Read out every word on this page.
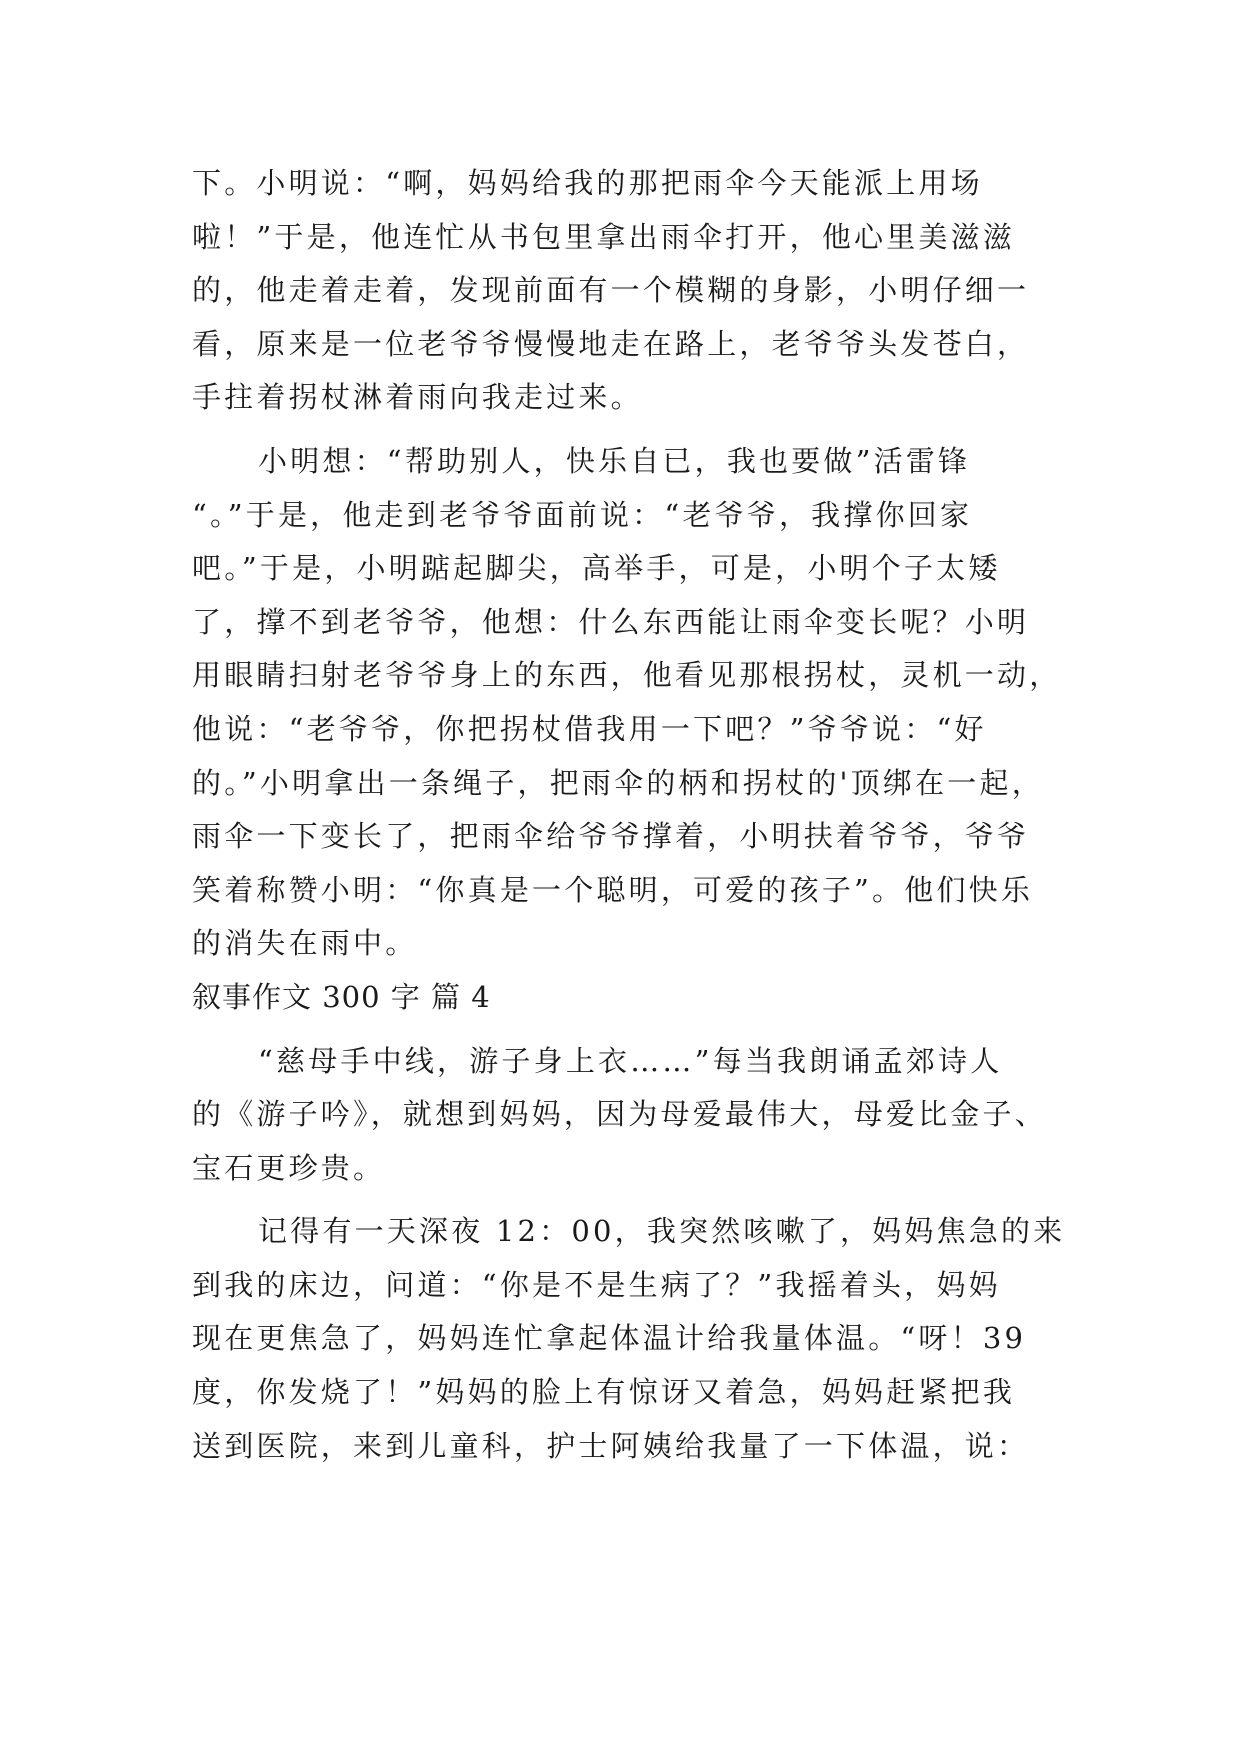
下。小明说：“啊，妈妈给我的那把雨伞今天能派上用场
啦！”于是，他连忙从书包里拿出雨伞打开，他心里美滋滋
的，他走着走着，发现前面有一个模糊的身影，小明仔细一
看，原来是一位老爷爷慢慢地走在路上，老爷爷头发苍白，
手拄着拐杖淋着雨向我走过来。
小明想：“帮助别人，快乐自已，我也要做”活雷锋
“。”于是，他走到老爷爷面前说：“老爷爷，我撑你回家
吧。”于是，小明踮起脚尖，高举手，可是，小明个子太矮
了，撑不到老爷爷，他想：什么东西能让雨伞变长呢？小明
用眼睛扫射老爷爷身上的东西，他看见那根拐杖，灵机一动，
他说：“老爷爷，你把拐杖借我用一下吧？”爷爷说：“好
的。”小明拿出一条绳子，把雨伞的柄和拐杖的'顶绑在一起，
雨伞一下变长了，把雨伞给爷爷撑着，小明扶着爷爷，爷爷
笑着称赞小明：“你真是一个聪明，可爱的孩子”。他们快乐
的消失在雨中。
叙事作文 300 字 篇 4
“慈母手中线，游子身上衣……”每当我朗诵孟郊诗人
的《游子吟》，就想到妈妈，因为母爱最伟大，母爱比金子、
宝石更珍贵。
记得有一天深夜 12：00，我突然咳嗽了，妈妈焦急的来
到我的床边，问道：“你是不是生病了？”我摇着头，妈妈
现在更焦急了，妈妈连忙拿起体温计给我量体温。“呀！39
度，你发烧了！”妈妈的脸上有惊讶又着急，妈妈赶紧把我
送到医院，来到儿童科，护士阿姨给我量了一下体温，说：
